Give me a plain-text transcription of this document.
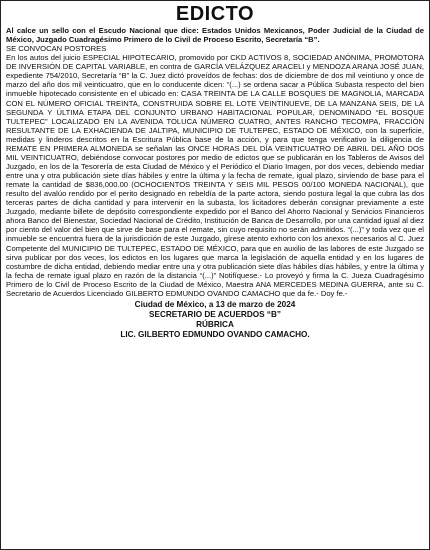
EDICTO

Al calce un sello con el Escudo Nacional que dice: Estados Unidos Mexicanos, Poder Judicial de la Ciudad de México, Juzgado Cuadragésimo Primero de lo Civil de Proceso Escrito, Secretaría “B”.

SE CONVOCAN POSTORES

En los autos del juicio ESPECIAL HIPOTECARIO, promovido por CKD ACTIVOS 8, SOCIEDAD ANÓNIMA, PROMOTORA DE INVERSIÓN DE CAPITAL VARIABLE, en contra de GARCÍA VELÁZQUEZ ARACELI y MENDOZA ARANA JOSÉ JUAN, expediente 754/2010, Secretaría “B” la C. Juez dictó proveídos de fechas: dos de diciembre de dos mil veintiuno y once de marzo del año dos mil veinticuatro, que en lo conducente dicen: “(...) se ordena sacar a Pública Subasta respecto del bien inmueble hipotecado consistente en el ubicado en: CASA TREINTA DE LA CALLE BOSQUES DE MAGNOLIA, MARCADA CON EL NÚMERO OFICIAL TREINTA, CONSTRUIDA SOBRE EL LOTE VEINTINUEVE, DE LA MANZANA SEIS, DE LA SEGUNDA Y ÚLTIMA ETAPA DEL CONJUNTO URBANO HABITACIONAL POPULAR, DENOMINADO “EL BOSQUE TULTEPEC” LOCALIZADO EN LA AVENIDA TOLUCA NÚMERO CUATRO, ANTES RANCHO TECOMPA, FRACCIÓN RESULTANTE DE LA EXHACIENDA DE JALTIPA, MUNICIPIO DE TULTEPEC, ESTADO DE MÉXICO, con la superficie, medidas y linderos descritos en la Escritura Pública base de la acción, y para que tenga verificativo la diligencia de REMATE EN PRIMERA ALMONEDA se señalan las ONCE HORAS DEL DÍA VEINTICUATRO DE ABRIL DEL AÑO DOS MIL VEINTICUATRO, debiéndose convocar postores por medio de edictos que se publicarán en los Tableros de Avisos del Juzgado, en los de la Tesorería de esta Ciudad de México y el Periódico el Diario Imagen, por dos veces, debiendo mediar entre una y otra publicación siete días hábiles y entre la última y la fecha de remate, igual plazo, sirviendo de base para el remate la cantidad de $836,000.00 (OCHOCIENTOS TREINTA Y SEIS MIL PESOS 00/100 MONEDA NACIONAL), que resulto del avalúo rendido por el perito designado en rebeldía de la parte actora, siendo postura legal la que cubra las dos terceras partes de dicha cantidad y para intervenir en la subasta, los licitadores deberán consignar previamente a este Juzgado, mediante billete de depósito correspondiente expedido por el Banco del Ahorro Nacional y Servicios Financieros ahora Banco del Bienestar, Sociedad Nacional de Crédito, Institución de Banca de Desarrollo, por una cantidad igual al diez por ciento del valor del bien que sirve de base para el remate, sin cuyo requisito no serán admitidos. “(...)” y toda vez que el inmueble se encuentra fuera de la jurisdicción de este Juzgado, gírese atento exhorto con los anexos necesarios al C. Juez Competente del MUNICIPIO DE TULTEPEC, ESTADO DE MÉXICO, para que en auxilio de las labores de este Juzgado se sirva publicar por dos veces, los edictos en los lugares que marca la legislación de aquella entidad y en los lugares de costumbre de dicha entidad, debiendo mediar entre una y otra publicación siete días hábiles días hábiles, y entre la última y la fecha de remate igual plazo en razón de la distancia “(...)” Notifíquese.- Lo proveyó y firma la C. Jueza Cuadragésimo Primero de lo Civil de Proceso Escrito de la Ciudad de México, Maestra ANA MERCEDES MEDINA GUERRA, ante su C. Secretario de Acuerdos Licenciado GILBERTO EDMUNDO OVANDO CAMACHO que da fe.- Doy fe.-

Ciudad de México, a 13 de marzo de 2024
SECRETARIO DE ACUERDOS “B”
RÚBRICA
LIC. GILBERTO EDMUNDO OVANDO CAMACHO.
